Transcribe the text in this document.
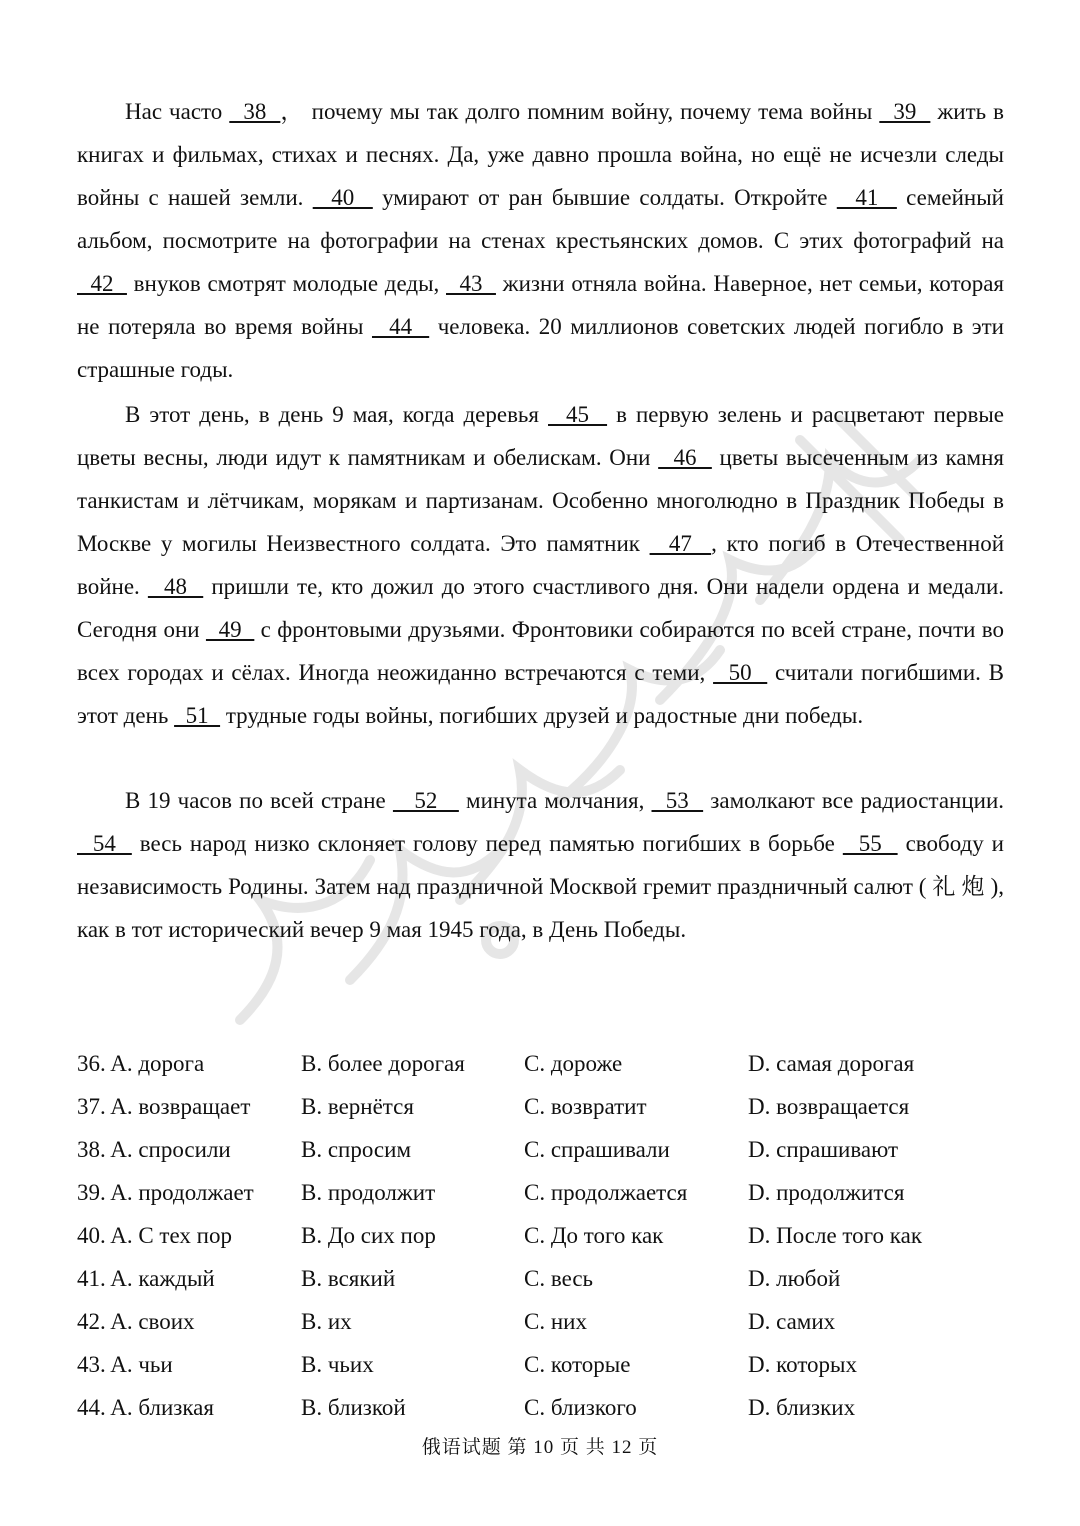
Нас часто   38  ， почему мы так долго помним войну, почему тема войны   39   жить в книгах и фильмах, стихах и песнях. Да, уже давно прошла война, но ещё не исчезли следы войны с нашей земли.   40   умирают от ран бывшие солдаты. Откройте   41   семейный альбом, посмотрите на фотографии на стенах крестьянских домов. С этих фотографий на   42   внуков смотрят молодые деды,   43   жизни отняла война. Наверное, нет семьи, которая не потеряла во время войны   44   человека. 20 миллионов советских людей погибло в эти страшные годы.

В этот день, в день 9 мая, когда деревья   45   в первую зелень и расцветают первые цветы весны, люди идут к памятникам и обелискам. Они   46   цветы высеченным из камня танкистам и лётчикам, морякам и партизанам. Особенно многолюдно в Праздник Победы в Москве у могилы Неизвестного солдата. Это памятник   47  , кто погиб в Отечественной войне.   48   пришли те, кто дожил до этого счастливого дня. Они надели ордена и медали. Сегодня они   49   с фронтовыми друзьями. Фронтовики собираются по всей стране, почти во всех городах и сёлах. Иногда неожиданно встречаются с теми,   50   считали погибшими. В этот день   51   трудные годы войны, погибших друзей и радостные дни победы.

В 19 часов по всей стране    52    минута молчания,   53   замолкают все радиостанции.   54   весь народ низко склоняет голову перед памятью погибших в борьбе   55   свободу и независимость Родины. Затем над праздничной Москвой гремит праздничный салют ( 礼 炮 ), как в тот исторический вечер 9 мая 1945 года, в День Победы.

36. A. дорога	B. более дорогая	C. дороже	D. самая дорогая
37. A. возвращает B. вернётся	C. возвратит	D. возвращается
38. A. спросили	B. спросим	C. спрашивали	D. спрашивают
39. A. продолжает B. продолжит	C. продолжается	D. продолжится
40. A. С тех пор	B. До сих пор	C. До того как	D. После того как
41. A. каждый	B. всякий	C. весь	D. любой
42. A. своих	B. их	C. них	D. самих
43. A. чьи	B. чьих	C. которые	D. которых
44. A. близкая	B. близкой	C. близкого	D. близких
俄语试题 第 10 页 共 12 页
